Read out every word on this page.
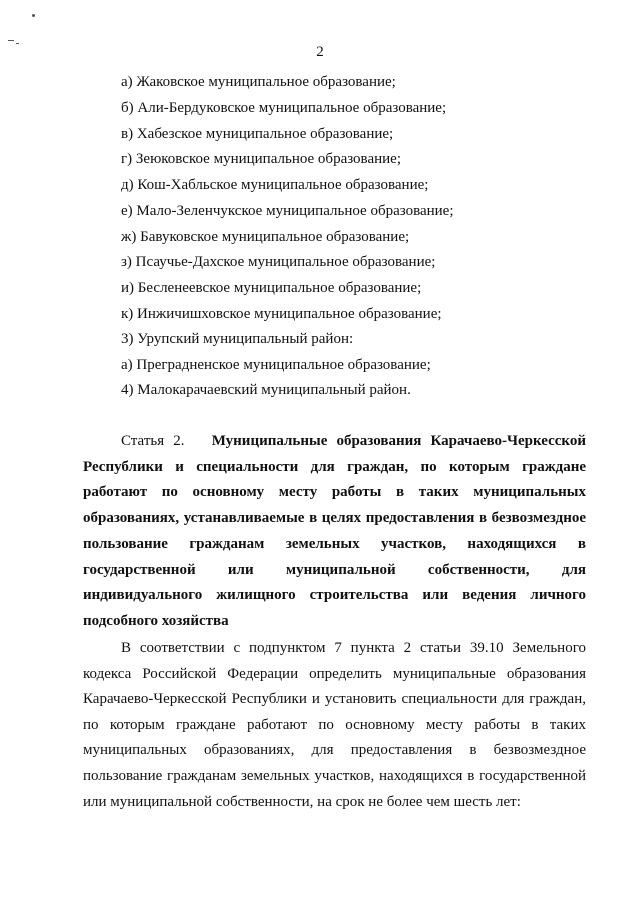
2
а) Жаковское муниципальное образование;
б) Али-Бердуковское муниципальное образование;
в) Хабезское муниципальное образование;
г) Зеюковское муниципальное образование;
д) Кош-Хабльское муниципальное образование;
е) Мало-Зеленчукское муниципальное образование;
ж) Бавуковское муниципальное образование;
з) Псаучье-Дахское муниципальное образование;
и) Бесленеевское муниципальное образование;
к) Инжичишховское муниципальное образование;
3) Урупский муниципальный район:
а) Преградненское муниципальное образование;
4) Малокарачаевский муниципальный район.
Статья 2. Муниципальные образования Карачаево-Черкесской Республики и специальности для граждан, по которым граждане работают по основному месту работы в таких муниципальных образованиях, устанавливаемые в целях предоставления в безвозмездное пользование гражданам земельных участков, находящихся в государственной или муниципальной собственности, для индивидуального жилищного строительства или ведения личного подсобного хозяйства
В соответствии с подпунктом 7 пункта 2 статьи 39.10 Земельного кодекса Российской Федерации определить муниципальные образования Карачаево-Черкесской Республики и установить специальности для граждан, по которым граждане работают по основному месту работы в таких муниципальных образованиях, для предоставления в безвозмездное пользование гражданам земельных участков, находящихся в государственной или муниципальной собственности, на срок не более чем шесть лет:
